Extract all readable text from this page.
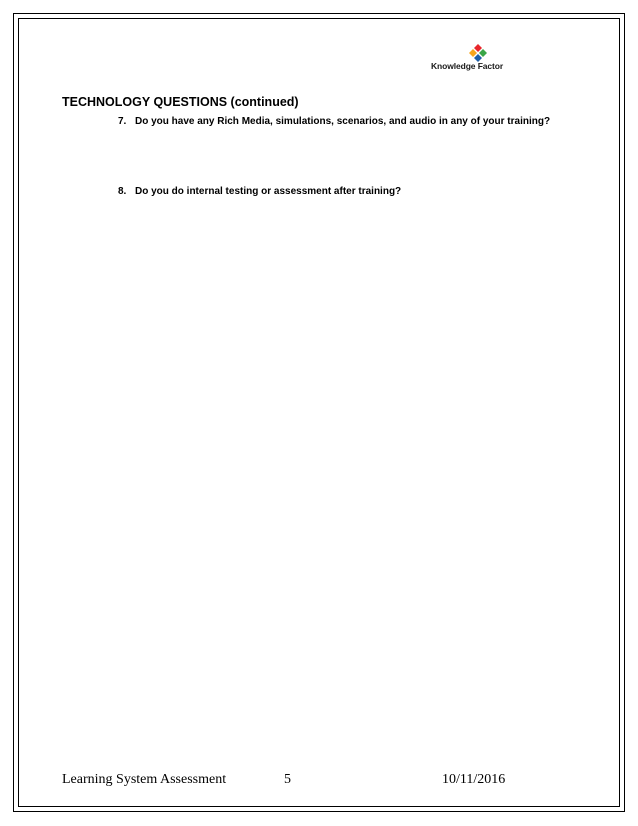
Knowledge Factor
TECHNOLOGY QUESTIONS (continued)
7. Do you have any Rich Media, simulations, scenarios, and audio in any of your training?
8. Do you do internal testing or assessment after training?
Learning System Assessment	5	10/11/2016
